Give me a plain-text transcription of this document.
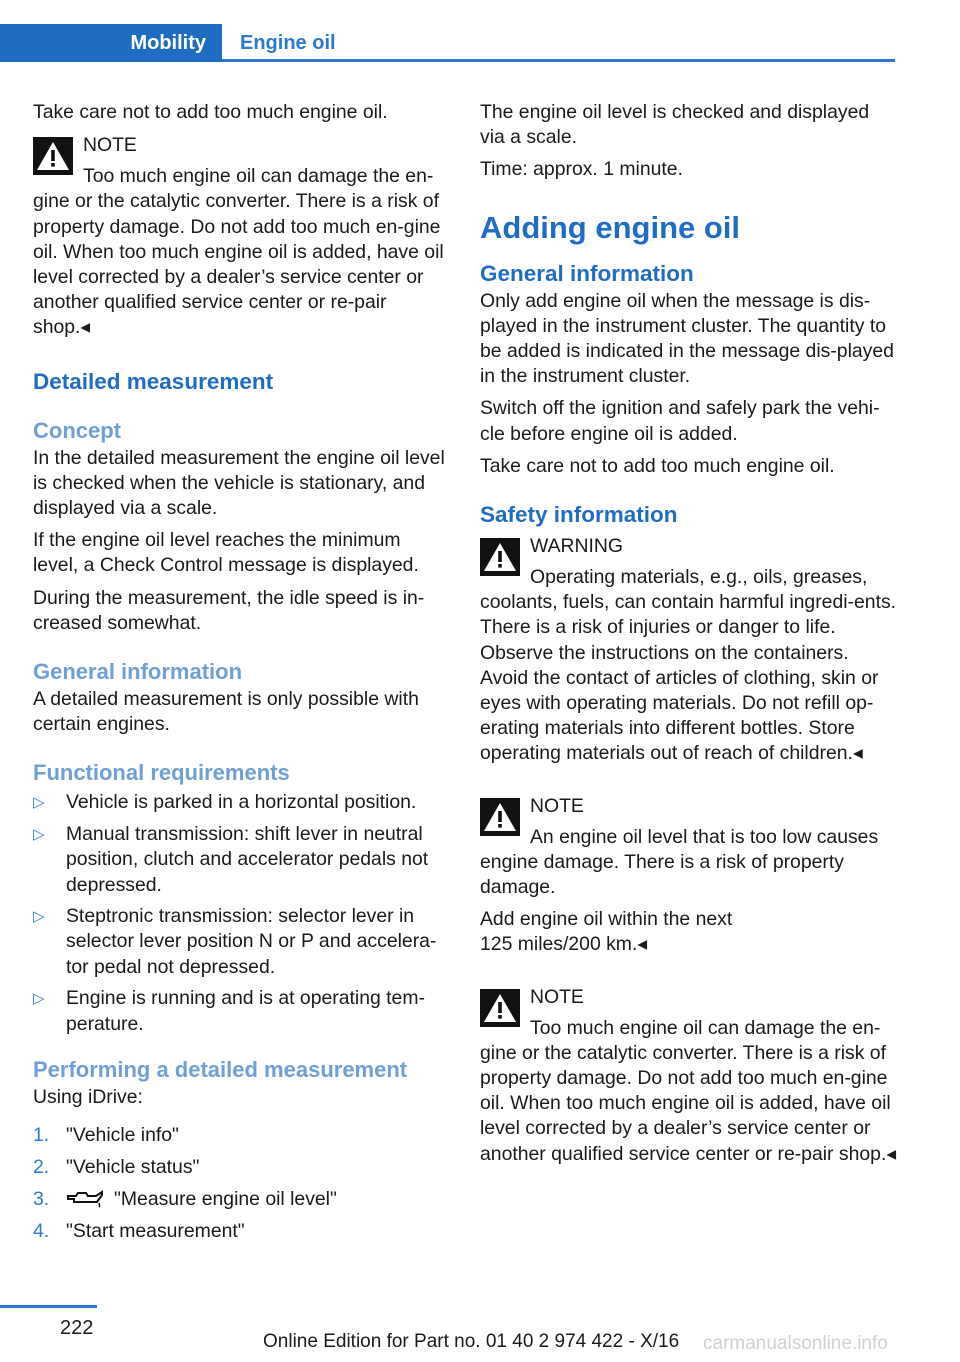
Mobility	Engine oil

Take care not to add too much engine oil.

NOTE

Too much engine oil can damage the en-

gine or the catalytic converter. There is a risk of property damage. Do not add too much en-gine oil. When too much engine oil is added, have oil level corrected by a dealer’s service center or another qualified service center or re-pair shop.◂

Detailed measurement
Concept

In the detailed measurement the engine oil level is checked when the vehicle is stationary, and displayed via a scale.

If the engine oil level reaches the minimum level, a Check Control message is displayed.

During the measurement, the idle speed is in-creased somewhat.

General information

A detailed measurement is only possible with certain engines.

Functional requirements
▷ Vehicle is parked in a horizontal position.
▷ Manual transmission: shift lever in neutral position, clutch and accelerator pedals not depressed.
▷ Steptronic transmission: selector lever in selector lever position N or P and accelera-tor pedal not depressed.
▷ Engine is running and is at operating tem-perature.
Performing a detailed measurement

Using iDrive:

1. "Vehicle info"
2. "Vehicle status"
3.	"Measure engine oil level"
4. "Start measurement"

The engine oil level is checked and displayed via a scale.

Time: approx. 1 minute.

Adding engine oil
General information

Only add engine oil when the message is dis-played in the instrument cluster. The quantity to be added is indicated in the message dis-played in the instrument cluster.

Switch off the ignition and safely park the vehi-cle before engine oil is added.

Take care not to add too much engine oil.

Safety information
WARNING

Operating materials, e.g., oils, greases,

coolants, fuels, can contain harmful ingredi-ents. There is a risk of injuries or danger to life. Observe the instructions on the containers. Avoid the contact of articles of clothing, skin or eyes with operating materials. Do not refill op-erating materials into different bottles. Store operating materials out of reach of children.◂

NOTE

An engine oil level that is too low causes

engine damage. There is a risk of property damage.

Add engine oil within the next

125 miles/200 km.◂

NOTE

Too much engine oil can damage the en-

gine or the catalytic converter. There is a risk of property damage. Do not add too much en-gine oil. When too much engine oil is added, have oil level corrected by a dealer’s service center or another qualified service center or re-pair shop.◂

222
Online Edition for Part no. 01 40 2 974 422 - X/16 carmanualsonline.info
